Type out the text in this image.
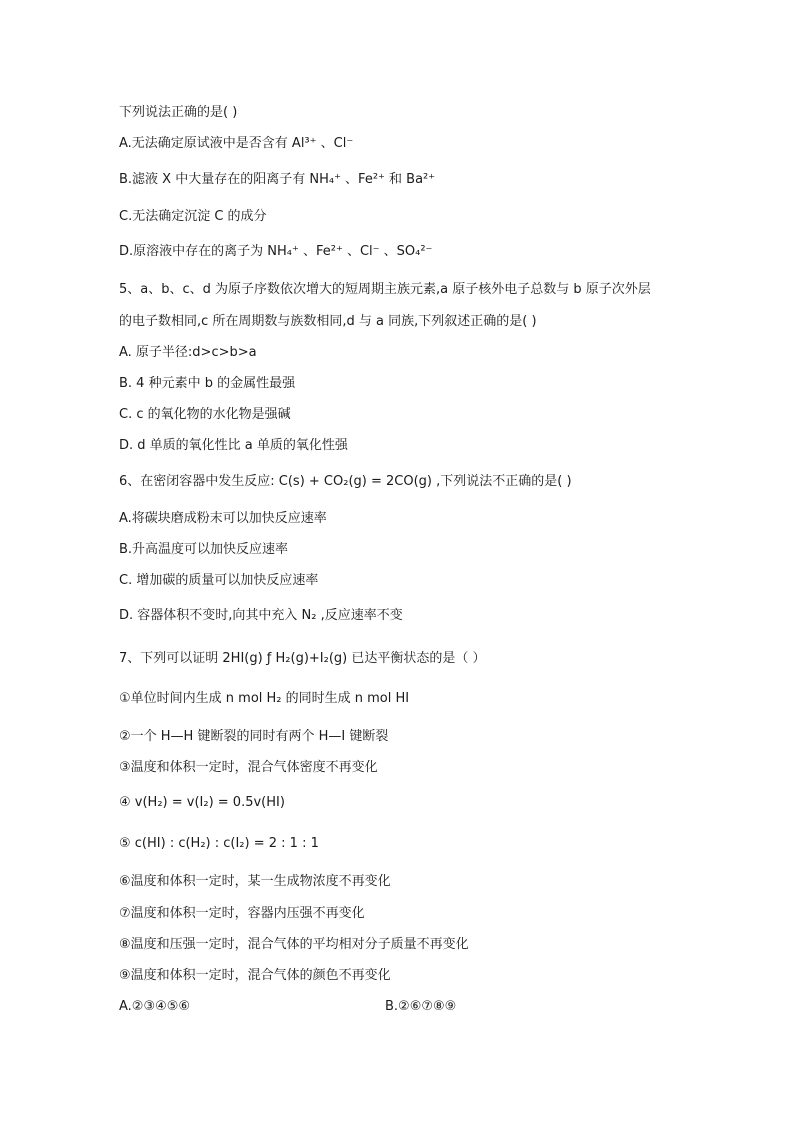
下列说法正确的是( )
A.无法确定原试液中是否含有 Al³⁺ 、Cl⁻
B.滤液 X 中大量存在的阳离子有 NH₄⁺ 、Fe²⁺ 和 Ba²⁺
C.无法确定沉淀 C 的成分
D.原溶液中存在的离子为 NH₄⁺ 、Fe²⁺ 、Cl⁻ 、SO₄²⁻
5、a、b、c、d 为原子序数依次增大的短周期主族元素,a 原子核外电子总数与 b 原子次外层
的电子数相同,c 所在周期数与族数相同,d 与 a 同族,下列叙述正确的是( )
A. 原子半径:d>c>b>a
B. 4 种元素中 b 的金属性最强
C. c 的氧化物的水化物是强碱
D. d 单质的氧化性比 a 单质的氧化性强
6、在密闭容器中发生反应: C(s) + CO₂(g) = 2CO(g) ,下列说法不正确的是( )
A.将碳块磨成粉末可以加快反应速率
B.升高温度可以加快反应速率
C. 增加碳的质量可以加快反应速率
D. 容器体积不变时,向其中充入 N₂ ,反应速率不变
7、下列可以证明 2HI(g) ƒ H₂(g)+I₂(g) 已达平衡状态的是（ ）
①单位时间内生成 n mol H₂ 的同时生成 n mol HI
②一个 H—H 键断裂的同时有两个 H—I 键断裂
③温度和体积一定时，混合气体密度不再变化
④ v(H₂) = v(I₂) = 0.5v(HI)
⑤ c(HI) : c(H₂) : c(I₂) = 2 : 1 : 1
⑥温度和体积一定时，某一生成物浓度不再变化
⑦温度和体积一定时，容器内压强不再变化
⑧温度和压强一定时，混合气体的平均相对分子质量不再变化
⑨温度和体积一定时，混合气体的颜色不再变化
A.②③④⑤⑥	B.②⑥⑦⑧⑨
